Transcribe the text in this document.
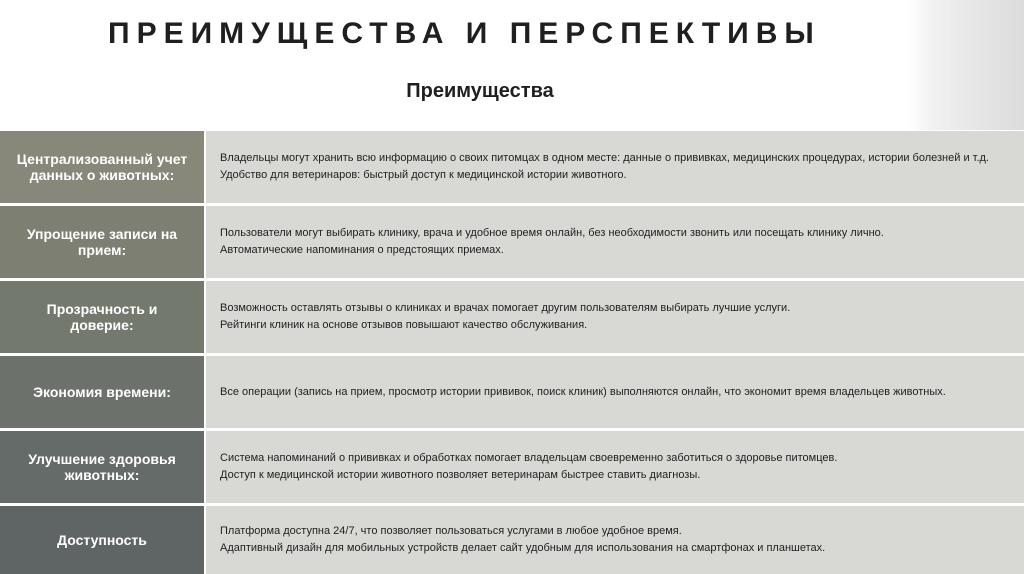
ПРЕИМУЩЕСТВА И ПЕРСПЕКТИВЫ
Преимущества
Централизованный учет данных о животных:
Владельцы могут хранить всю информацию о своих питомцах в одном месте: данные о прививках, медицинских процедурах, истории болезней и т.д.
Удобство для ветеринаров: быстрый доступ к медицинской истории животного.
Упрощение записи на прием:
Пользователи могут выбирать клинику, врача и удобное время онлайн, без необходимости звонить или посещать клинику лично.
Автоматические напоминания о предстоящих приемах.
Прозрачность и доверие:
Возможность оставлять отзывы о клиниках и врачах помогает другим пользователям выбирать лучшие услуги.
Рейтинги клиник на основе отзывов повышают качество обслуживания.
Экономия времени:	Все операции (запись на прием, просмотр истории прививок, поиск клиник) выполняются онлайн, что экономит время владельцев животных.
Улучшение здоровья животных:
Система напоминаний о прививках и обработках помогает владельцам своевременно заботиться о здоровье питомцев.
Доступ к медицинской истории животного позволяет ветеринарам быстрее ставить диагнозы.
Доступность
Платформа доступна 24/7, что позволяет пользоваться услугами в любое удобное время.
Адаптивный дизайн для мобильных устройств делает сайт удобным для использования на смартфонах и планшетах.
